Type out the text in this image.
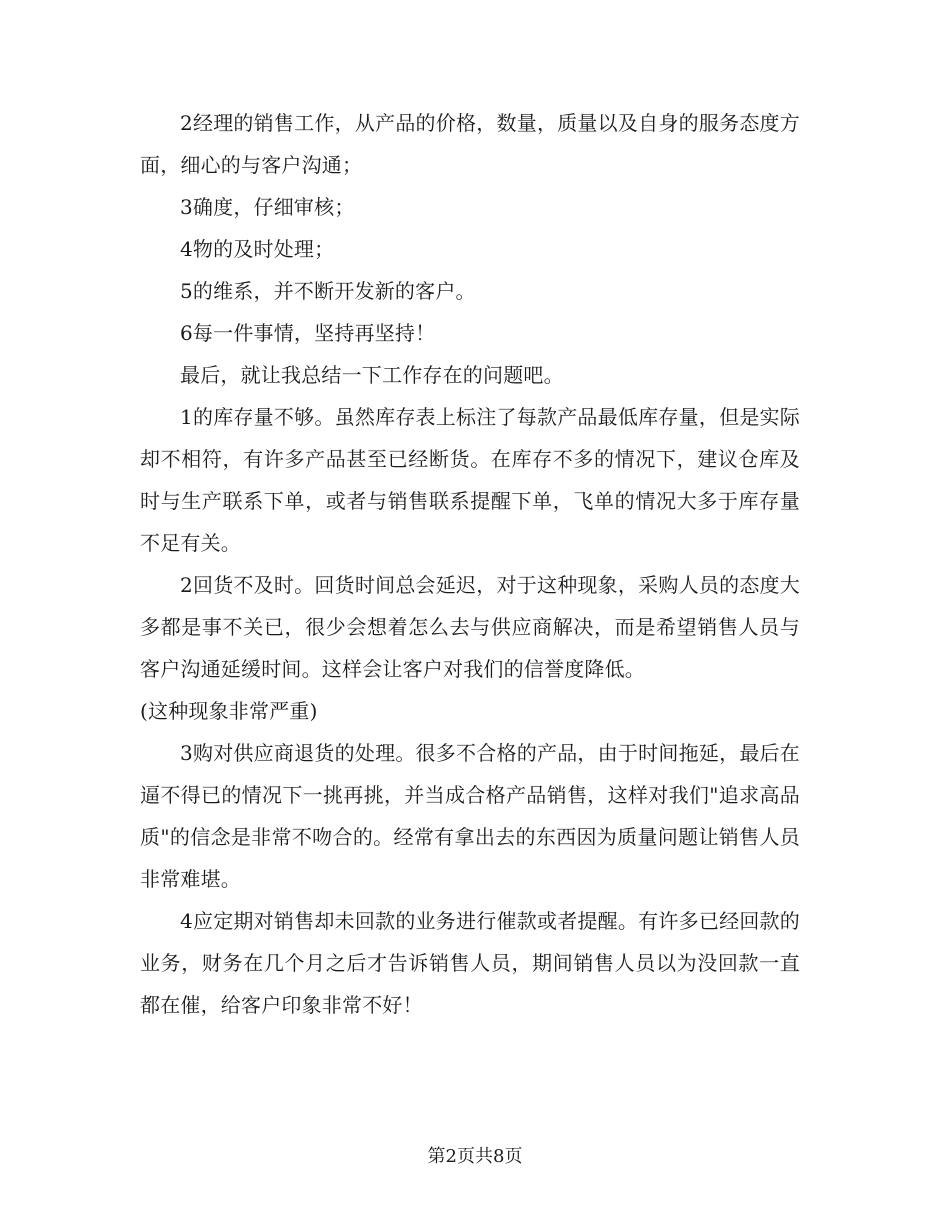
2经理的销售工作，从产品的价格，数量，质量以及自身的服务态度方面，细心的与客户沟通；

3确度，仔细审核；

4物的及时处理；

5的维系，并不断开发新的客户。

6每一件事情，坚持再坚持！

最后，就让我总结一下工作存在的问题吧。

1的库存量不够。虽然库存表上标注了每款产品最低库存量，但是实际却不相符，有许多产品甚至已经断货。在库存不多的情况下，建议仓库及时与生产联系下单，或者与销售联系提醒下单，飞单的情况大多于库存量不足有关。

2回货不及时。回货时间总会延迟，对于这种现象，采购人员的态度大多都是事不关已，很少会想着怎么去与供应商解决，而是希望销售人员与客户沟通延缓时间。这样会让客户对我们的信誉度降低。

(这种现象非常严重)

3购对供应商退货的处理。很多不合格的产品，由于时间拖延，最后在逼不得已的情况下一挑再挑，并当成合格产品销售，这样对我们"追求高品质"的信念是非常不吻合的。经常有拿出去的东西因为质量问题让销售人员非常难堪。

4应定期对销售却未回款的业务进行催款或者提醒。有许多已经回款的业务，财务在几个月之后才告诉销售人员，期间销售人员以为没回款一直都在催，给客户印象非常不好！

第2页共8页
